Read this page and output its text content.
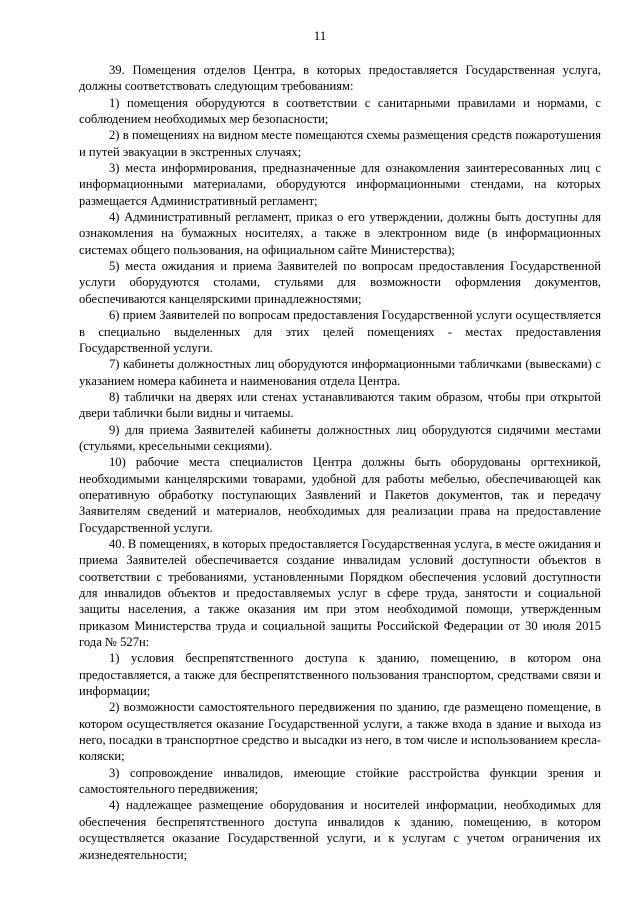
11

39. Помещения отделов Центра, в которых предоставляется Государственная услуга, должны соответствовать следующим требованиям:

1) помещения оборудуются в соответствии с санитарными правилами и нормами, с соблюдением необходимых мер безопасности;

2) в помещениях на видном месте помещаются схемы размещения средств пожаротушения и путей эвакуации в экстренных случаях;

3) места информирования, предназначенные для ознакомления заинтересованных лиц с информационными материалами, оборудуются информационными стендами, на которых размещается Административный регламент;

4) Административный регламент, приказ о его утверждении, должны быть доступны для ознакомления на бумажных носителях, а также в электронном виде (в информационных системах общего пользования, на официальном сайте Министерства);

5) места ожидания и приема Заявителей по вопросам предоставления Государственной услуги оборудуются столами, стульями для возможности оформления документов, обеспечиваются канцелярскими принадлежностями;

6) прием Заявителей по вопросам предоставления Государственной услуги осуществляется в специально выделенных для этих целей помещениях - местах предоставления Государственной услуги.

7) кабинеты должностных лиц оборудуются информационными табличками (вывесками) с указанием номера кабинета и наименования отдела Центра.

8) таблички на дверях или стенах устанавливаются таким образом, чтобы при открытой двери таблички были видны и читаемы.

9) для приема Заявителей кабинеты должностных лиц оборудуются сидячими местами (стульями, кресельными секциями).

10) рабочие места специалистов Центра должны быть оборудованы оргтехникой, необходимыми канцелярскими товарами, удобной для работы мебелью, обеспечивающей как оперативную обработку поступающих Заявлений и Пакетов документов, так и передачу Заявителям сведений и материалов, необходимых для реализации права на предоставление Государственной услуги.

40. В помещениях, в которых предоставляется Государственная услуга, в месте ожидания и приема Заявителей обеспечивается создание инвалидам условий доступности объектов в соответствии с требованиями, установленными Порядком обеспечения условий доступности для инвалидов объектов и предоставляемых услуг в сфере труда, занятости и социальной защиты населения, а также оказания им при этом необходимой помощи, утвержденным приказом Министерства труда и социальной защиты Российской Федерации от 30 июля 2015 года № 527н:

1) условия беспрепятственного доступа к зданию, помещению, в котором она предоставляется, а также для беспрепятственного пользования транспортом, средствами связи и информации;

2) возможности самостоятельного передвижения по зданию, где размещено помещение, в котором осуществляется оказание Государственной услуги, а также входа в здание и выхода из него, посадки в транспортное средство и высадки из него, в том числе и использованием кресла-коляски;

3) сопровождение инвалидов, имеющие стойкие расстройства функции зрения и самостоятельного передвижения;

4) надлежащее размещение оборудования и носителей информации, необходимых для обеспечения беспрепятственного доступа инвалидов к зданию, помещению, в котором осуществляется оказание Государственной услуги, и к услугам с учетом ограничения их жизнедеятельности;
